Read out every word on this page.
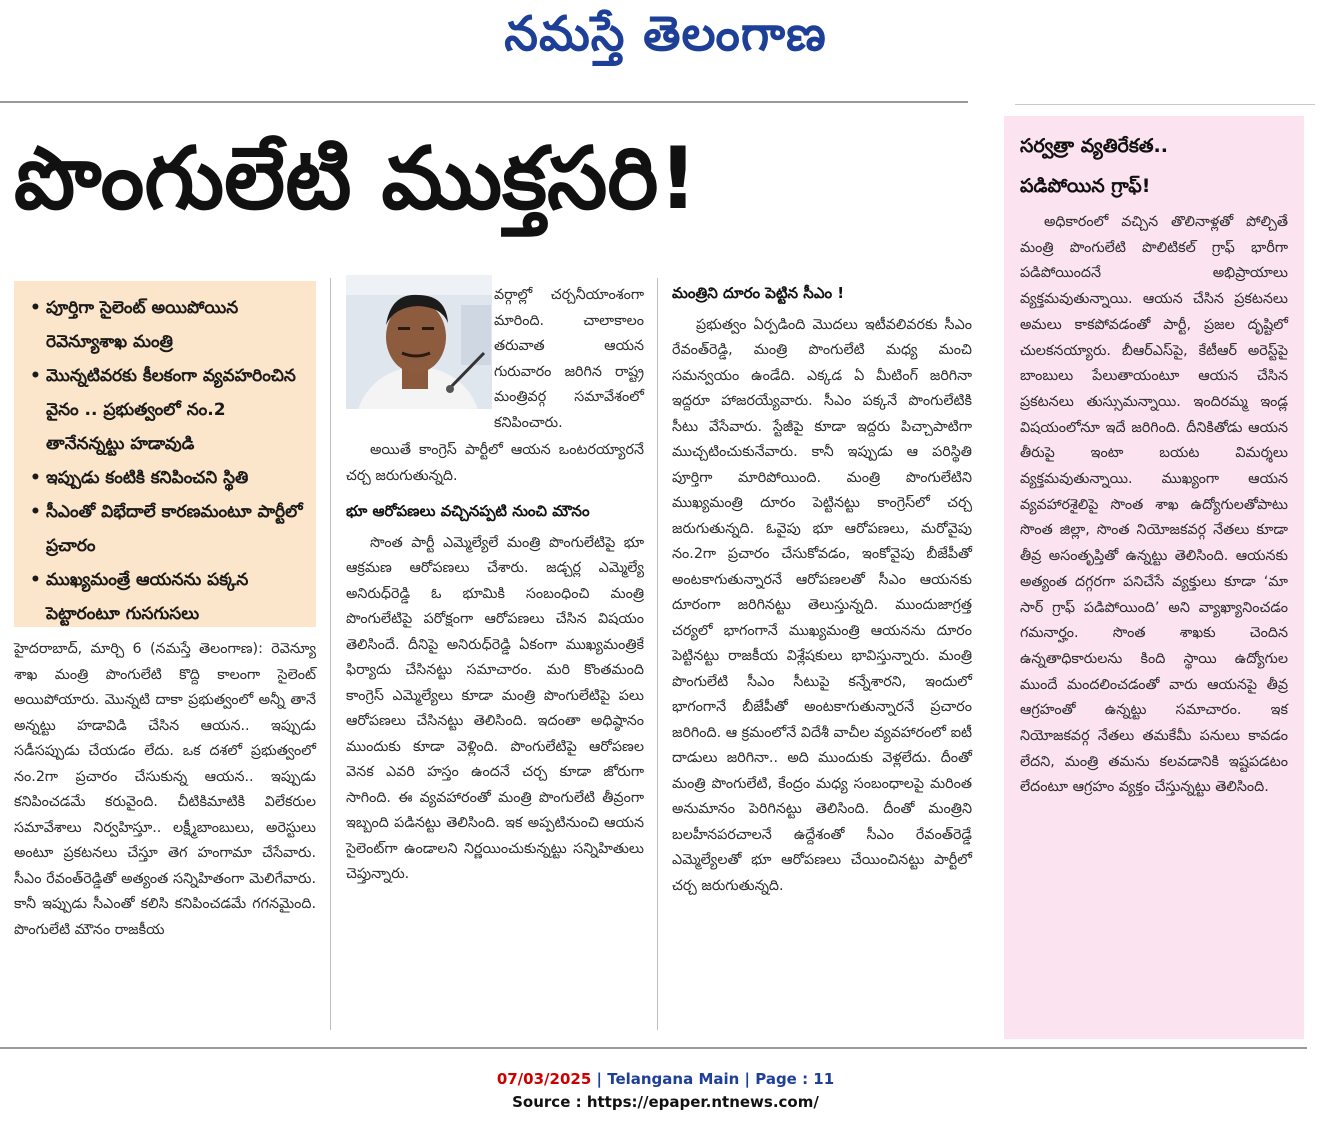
నమస్తే తెలంగాణ
పొంగులేటి ముక్తసరి!
• పూర్తిగా సైలెంట్ అయిపోయిన రెవెన్యూశాఖ మంత్రి
• మొన్నటివరకు కీలకంగా వ్యవహరించిన వైనం .. ప్రభుత్వంలో నం.2 తానేనన్నట్టు హడావుడి
• ఇప్పుడు కంటికి కనిపించని స్థితి
• సీఎంతో విభేదాలే కారణమంటూ పార్టీలో ప్రచారం
• ముఖ్యమంత్రే ఆయనను పక్కన పెట్టారంటూ గుసగుసలు

హైదరాబాద్, మార్చి 6 (నమస్తే తెలంగాణ): రెవెన్యూ శాఖ మంత్రి పొంగులేటి కొద్ది కాలంగా సైలెంట్ అయిపోయారు. మొన్నటి దాకా ప్రభుత్వంలో అన్నీ తానే అన్నట్టు హడావిడి చేసిన ఆయన.. ఇప్పుడు సడీసప్పుడు చేయడం లేదు. ఒక దశలో ప్రభుత్వంలో నం.2గా ప్రచారం చేసుకున్న ఆయన.. ఇప్పుడు కనిపించడమే కరువైంది. చీటికిమాటికి విలేకరుల సమావేశాలు నిర్వహిస్తూ.. లక్ష్మీబాంబులు, అరెస్టులు అంటూ ప్రకటనలు చేస్తూ తెగ హంగామా చేసేవారు. సీఎం రేవంత్‌రెడ్డితో అత్యంత సన్నిహితంగా మెలిగేవారు. కానీ ఇప్పుడు సీఎంతో కలిసి కనిపించడమే గగనమైంది. పొంగులేటి మౌనం రాజకీయ

వర్గాల్లో చర్చనీయాంశంగా మారింది. చాలాకాలం తరువాత ఆయన గురువారం జరిగిన రాష్ట్ర మంత్రివర్గ సమావేశంలో కనిపించారు.

అయితే కాంగ్రెస్ పార్టీలో ఆయన ఒంటరయ్యారనే చర్చ జరుగుతున్నది.

భూ ఆరోపణలు వచ్చినప్పటి నుంచి మౌనం

సొంత పార్టీ ఎమ్మెల్యేలే మంత్రి పొంగులేటిపై భూ ఆక్రమణ ఆరోపణలు చేశారు. జడ్చర్ల ఎమ్మెల్యే అనిరుధ్‌రెడ్డి ఓ భూమికి సంబంధించి మంత్రి పొంగులేటిపై పరోక్షంగా ఆరోపణలు చేసిన విషయం తెలిసిందే. దీనిపై అనిరుధ్‌రెడ్డి ఏకంగా ముఖ్యమంత్రికే ఫిర్యాదు చేసినట్టు సమాచారం. మరి కొంతమంది కాంగ్రెస్ ఎమ్మెల్యేలు కూడా మంత్రి పొంగులేటిపై పలు ఆరోపణలు చేసినట్టు తెలిసింది. ఇదంతా అధిష్ఠానం ముందుకు కూడా వెళ్లింది. పొంగులేటిపై ఆరోపణల వెనక ఎవరి హస్తం ఉందనే చర్చ కూడా జోరుగా సాగింది. ఈ వ్యవహారంతో మంత్రి పొంగులేటి తీవ్రంగా ఇబ్బంది పడినట్టు తెలిసింది. ఇక అప్పటినుంచి ఆయన సైలెంట్‌గా ఉండాలని నిర్ణయించుకున్నట్టు సన్నిహితులు చెప్తున్నారు.

మంత్రిని దూరం పెట్టిన సీఎం !

ప్రభుత్వం ఏర్పడింది మొదలు ఇటీవలివరకు సీఎం రేవంత్‌రెడ్డి, మంత్రి పొంగులేటి మధ్య మంచి సమన్వయం ఉండేది. ఎక్కడ ఏ మీటింగ్ జరిగినా ఇద్దరూ హాజరయ్యేవారు. సీఎం పక్కనే పొంగులేటికి సీటు వేసేవారు. స్టేజీపై కూడా ఇద్దరు పిచ్చాపాటిగా ముచ్చటించుకునేవారు. కానీ ఇప్పుడు ఆ పరిస్థితి పూర్తిగా మారిపోయింది. మంత్రి పొంగులేటిని ముఖ్యమంత్రి దూరం పెట్టినట్టు కాంగ్రెస్‌లో చర్చ జరుగుతున్నది. ఓవైపు భూ ఆరోపణలు, మరోవైపు నం.2గా ప్రచారం చేసుకోవడం, ఇంకోవైపు బీజేపీతో అంటకాగుతున్నారనే ఆరోపణలతో సీఎం ఆయనకు దూరంగా జరిగినట్టు తెలుస్తున్నది. ముందుజాగ్రత్త చర్యలో భాగంగానే ముఖ్యమంత్రి ఆయనను దూరం పెట్టినట్టు రాజకీయ విశ్లేషకులు భావిస్తున్నారు. మంత్రి పొంగులేటి సీఎం సీటుపై కన్నేశారని, ఇందులో భాగంగానే బీజేపీతో అంటకాగుతున్నారనే ప్రచారం జరిగింది. ఆ క్రమంలోనే విదేశీ వాచీల వ్యవహారంలో ఐటీ దాడులు జరిగినా.. అది ముందుకు వెళ్లలేదు. దీంతో మంత్రి పొంగులేటి, కేంద్రం మధ్య సంబంధాలపై మరింత అనుమానం పెరిగినట్టు తెలిసింది. దీంతో మంత్రిని బలహీనపరచాలనే ఉద్దేశంతో సీఎం రేవంత్‌రెడ్డే ఎమ్మెల్యేలతో భూ ఆరోపణలు చేయించినట్టు పార్టీలో చర్చ జరుగుతున్నది.

సర్వత్రా వ్యతిరేకత..
పడిపోయిన గ్రాఫ్!

అధికారంలో వచ్చిన తొలినాళ్లతో పోల్చితే మంత్రి పొంగులేటి పొలిటికల్ గ్రాఫ్ భారీగా పడిపోయిందనే అభిప్రాయాలు వ్యక్తమవుతున్నాయి. ఆయన చేసిన ప్రకటనలు అమలు కాకపోవడంతో పార్టీ, ప్రజల దృష్టిలో చులకనయ్యారు. బీఆర్‌ఎస్‌పై, కేటీఆర్ అరెస్ట్‌పై బాంబులు పేలుతాయంటూ ఆయన చేసిన ప్రకటనలు తుస్సుమన్నాయి. ఇందిరమ్మ ఇండ్ల విషయంలోనూ ఇదే జరిగింది. దీనికితోడు ఆయన తీరుపై ఇంటా బయట విమర్శలు వ్యక్తమవుతున్నాయి. ముఖ్యంగా ఆయన వ్యవహారశైలిపై సొంత శాఖ ఉద్యోగులతోపాటు సొంత జిల్లా, సొంత నియోజకవర్గ నేతలు కూడా తీవ్ర అసంతృప్తితో ఉన్నట్టు తెలిసింది. ఆయనకు అత్యంత దగ్గరగా పనిచేసే వ్యక్తులు కూడా ‘మా సార్ గ్రాఫ్ పడిపోయింది’ అని వ్యాఖ్యానించడం గమనార్హం. సొంత శాఖకు చెందిన ఉన్నతాధికారులను కింది స్థాయి ఉద్యోగుల ముందే మందలించడంతో వారు ఆయనపై తీవ్ర ఆగ్రహంతో ఉన్నట్టు సమాచారం. ఇక నియోజకవర్గ నేతలు తమకేమీ పనులు కావడం లేదని, మంత్రి తమను కలవడానికి ఇష్టపడటం లేదంటూ ఆగ్రహం వ్యక్తం చేస్తున్నట్టు తెలిసింది.

07/03/2025 | Telangana Main | Page : 11
Source : https://epaper.ntnews.com/
